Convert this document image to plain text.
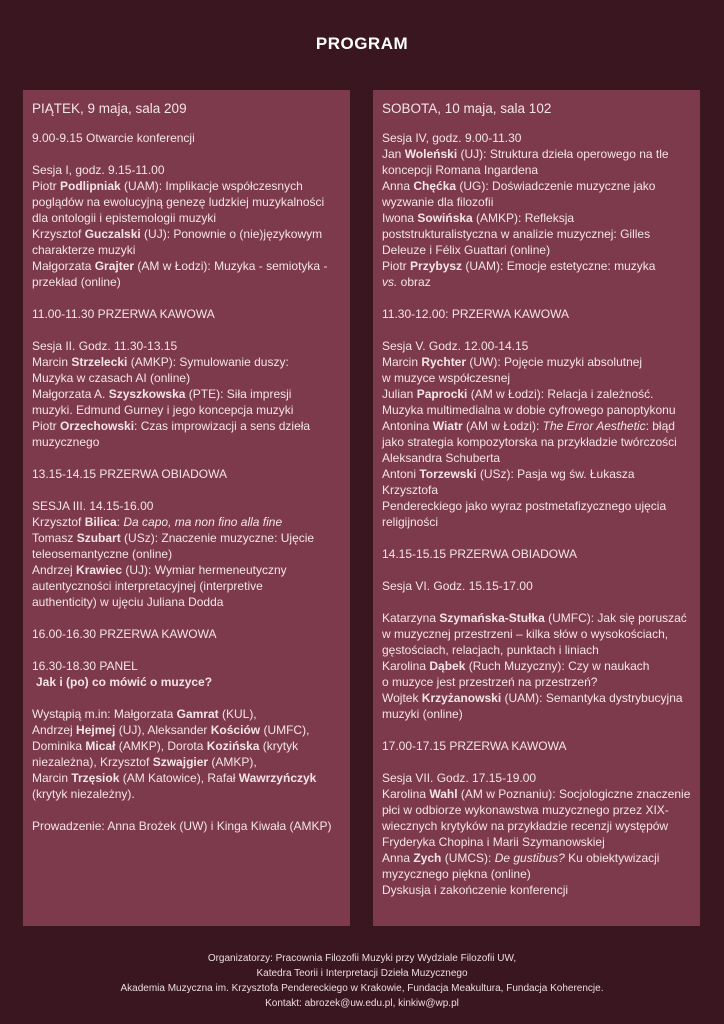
PROGRAM
PIĄTEK, 9 maja, sala 209
9.00-9.15 Otwarcie konferencji
Sesja I, godz. 9.15-11.00
Piotr Podlipniak (UAM): Implikacje współczesnych
poglądów na ewolucyjną genezę ludzkiej muzykalności
dla ontologii i epistemologii muzyki
Krzysztof Guczalski (UJ): Ponownie o (nie)językowym
charakterze muzyki
Małgorzata Grajter (AM w Łodzi): Muzyka - semiotyka -
przekład (online)
11.00-11.30 PRZERWA KAWOWA
Sesja II. Godz. 11.30-13.15
Marcin Strzelecki (AMKP): Symulowanie duszy:
Muzyka w czasach AI (online)
Małgorzata A. Szyszkowska (PTE): Siła impresji
muzyki. Edmund Gurney i jego koncepcja muzyki
Piotr Orzechowski: Czas improwizacji a sens dzieła
muzycznego
13.15-14.15 PRZERWA OBIADOWA
SESJA III. 14.15-16.00
Krzysztof Bilica: Da capo, ma non fino alla fine
Tomasz Szubart (USz): Znaczenie muzyczne: Ujęcie
teleosemantyczne (online)
Andrzej Krawiec (UJ): Wymiar hermeneutyczny
autentyczności interpretacyjnej (interpretive
authenticity) w ujęciu Juliana Dodda
16.00-16.30 PRZERWA KAWOWA
16.30-18.30 PANEL
Jak i (po) co mówić o muzyce?
Wystąpią m.in: Małgorzata Gamrat (KUL),
Andrzej Hejmej (UJ), Aleksander Kościów (UMFC),
Dominika Micał (AMKP), Dorota Kozińska (krytyk
niezależna), Krzysztof Szwajgier (AMKP),
Marcin Trzęsiok (AM Katowice), Rafał Wawrzyńczyk
(krytyk niezależny).
Prowadzenie: Anna Brożek (UW) i Kinga Kiwała (AMKP)
SOBOTA, 10 maja, sala 102
Sesja IV, godz. 9.00-11.30
Jan Woleński (UJ): Struktura dzieła operowego na tle
koncepcji Romana Ingardena
Anna Chęćka (UG): Doświadczenie muzyczne jako
wyzwanie dla filozofii
Iwona Sowińska (AMKP): Refleksja
poststrukturalistyczna w analizie muzycznej: Gilles
Deleuze i Félix Guattari (online)
Piotr Przybysz (UAM): Emocje estetyczne: muzyka
vs. obraz
11.30-12.00: PRZERWA KAWOWA
Sesja V. Godz. 12.00-14.15
Marcin Rychter (UW): Pojęcie muzyki absolutnej
w muzyce współczesnej
Julian Paprocki (AM w Łodzi): Relacja i zależność.
Muzyka multimedialna w dobie cyfrowego panoptykonu
Antonina Wiatr (AM w Łodzi): The Error Aesthetic: błąd
jako strategia kompozytorska na przykładzie twórczości
Aleksandra Schuberta
Antoni Torzewski (USz): Pasja wg św. Łukasza Krzysztofa
Pendereckiego jako wyraz postmetafizycznego ujęcia
religijności
14.15-15.15 PRZERWA OBIADOWA
Sesja VI. Godz. 15.15-17.00
Katarzyna Szymańska-Stułka (UMFC): Jak się poruszać
w muzycznej przestrzeni – kilka słów o wysokościach,
gęstościach, relacjach, punktach i liniach
Karolina Dąbek (Ruch Muzyczny): Czy w naukach
o muzyce jest przestrzeń na przestrzeń?
Wojtek Krzyżanowski (UAM): Semantyka dystrybucyjna
muzyki (online)
17.00-17.15 PRZERWA KAWOWA
Sesja VII. Godz. 17.15-19.00
Karolina Wahl (AM w Poznaniu): Socjologiczne znaczenie
płci w odbiorze wykonawstwa muzycznego przez XIX-
wiecznych krytyków na przykładzie recenzji występów
Fryderyka Chopina i Marii Szymanowskiej
Anna Zych (UMCS): De gustibus? Ku obiektywizacji
myzycznego piękna (online)
Dyskusja i zakończenie konferencji
Organizatorzy: Pracownia Filozofii Muzyki przy Wydziale Filozofii UW,
Katedra Teorii i Interpretacji Dzieła Muzycznego
Akademia Muzyczna im. Krzysztofa Pendereckiego w Krakowie, Fundacja Meakultura, Fundacja Koherencje.
Kontakt: abrozek@uw.edu.pl, kinkiw@wp.pl
